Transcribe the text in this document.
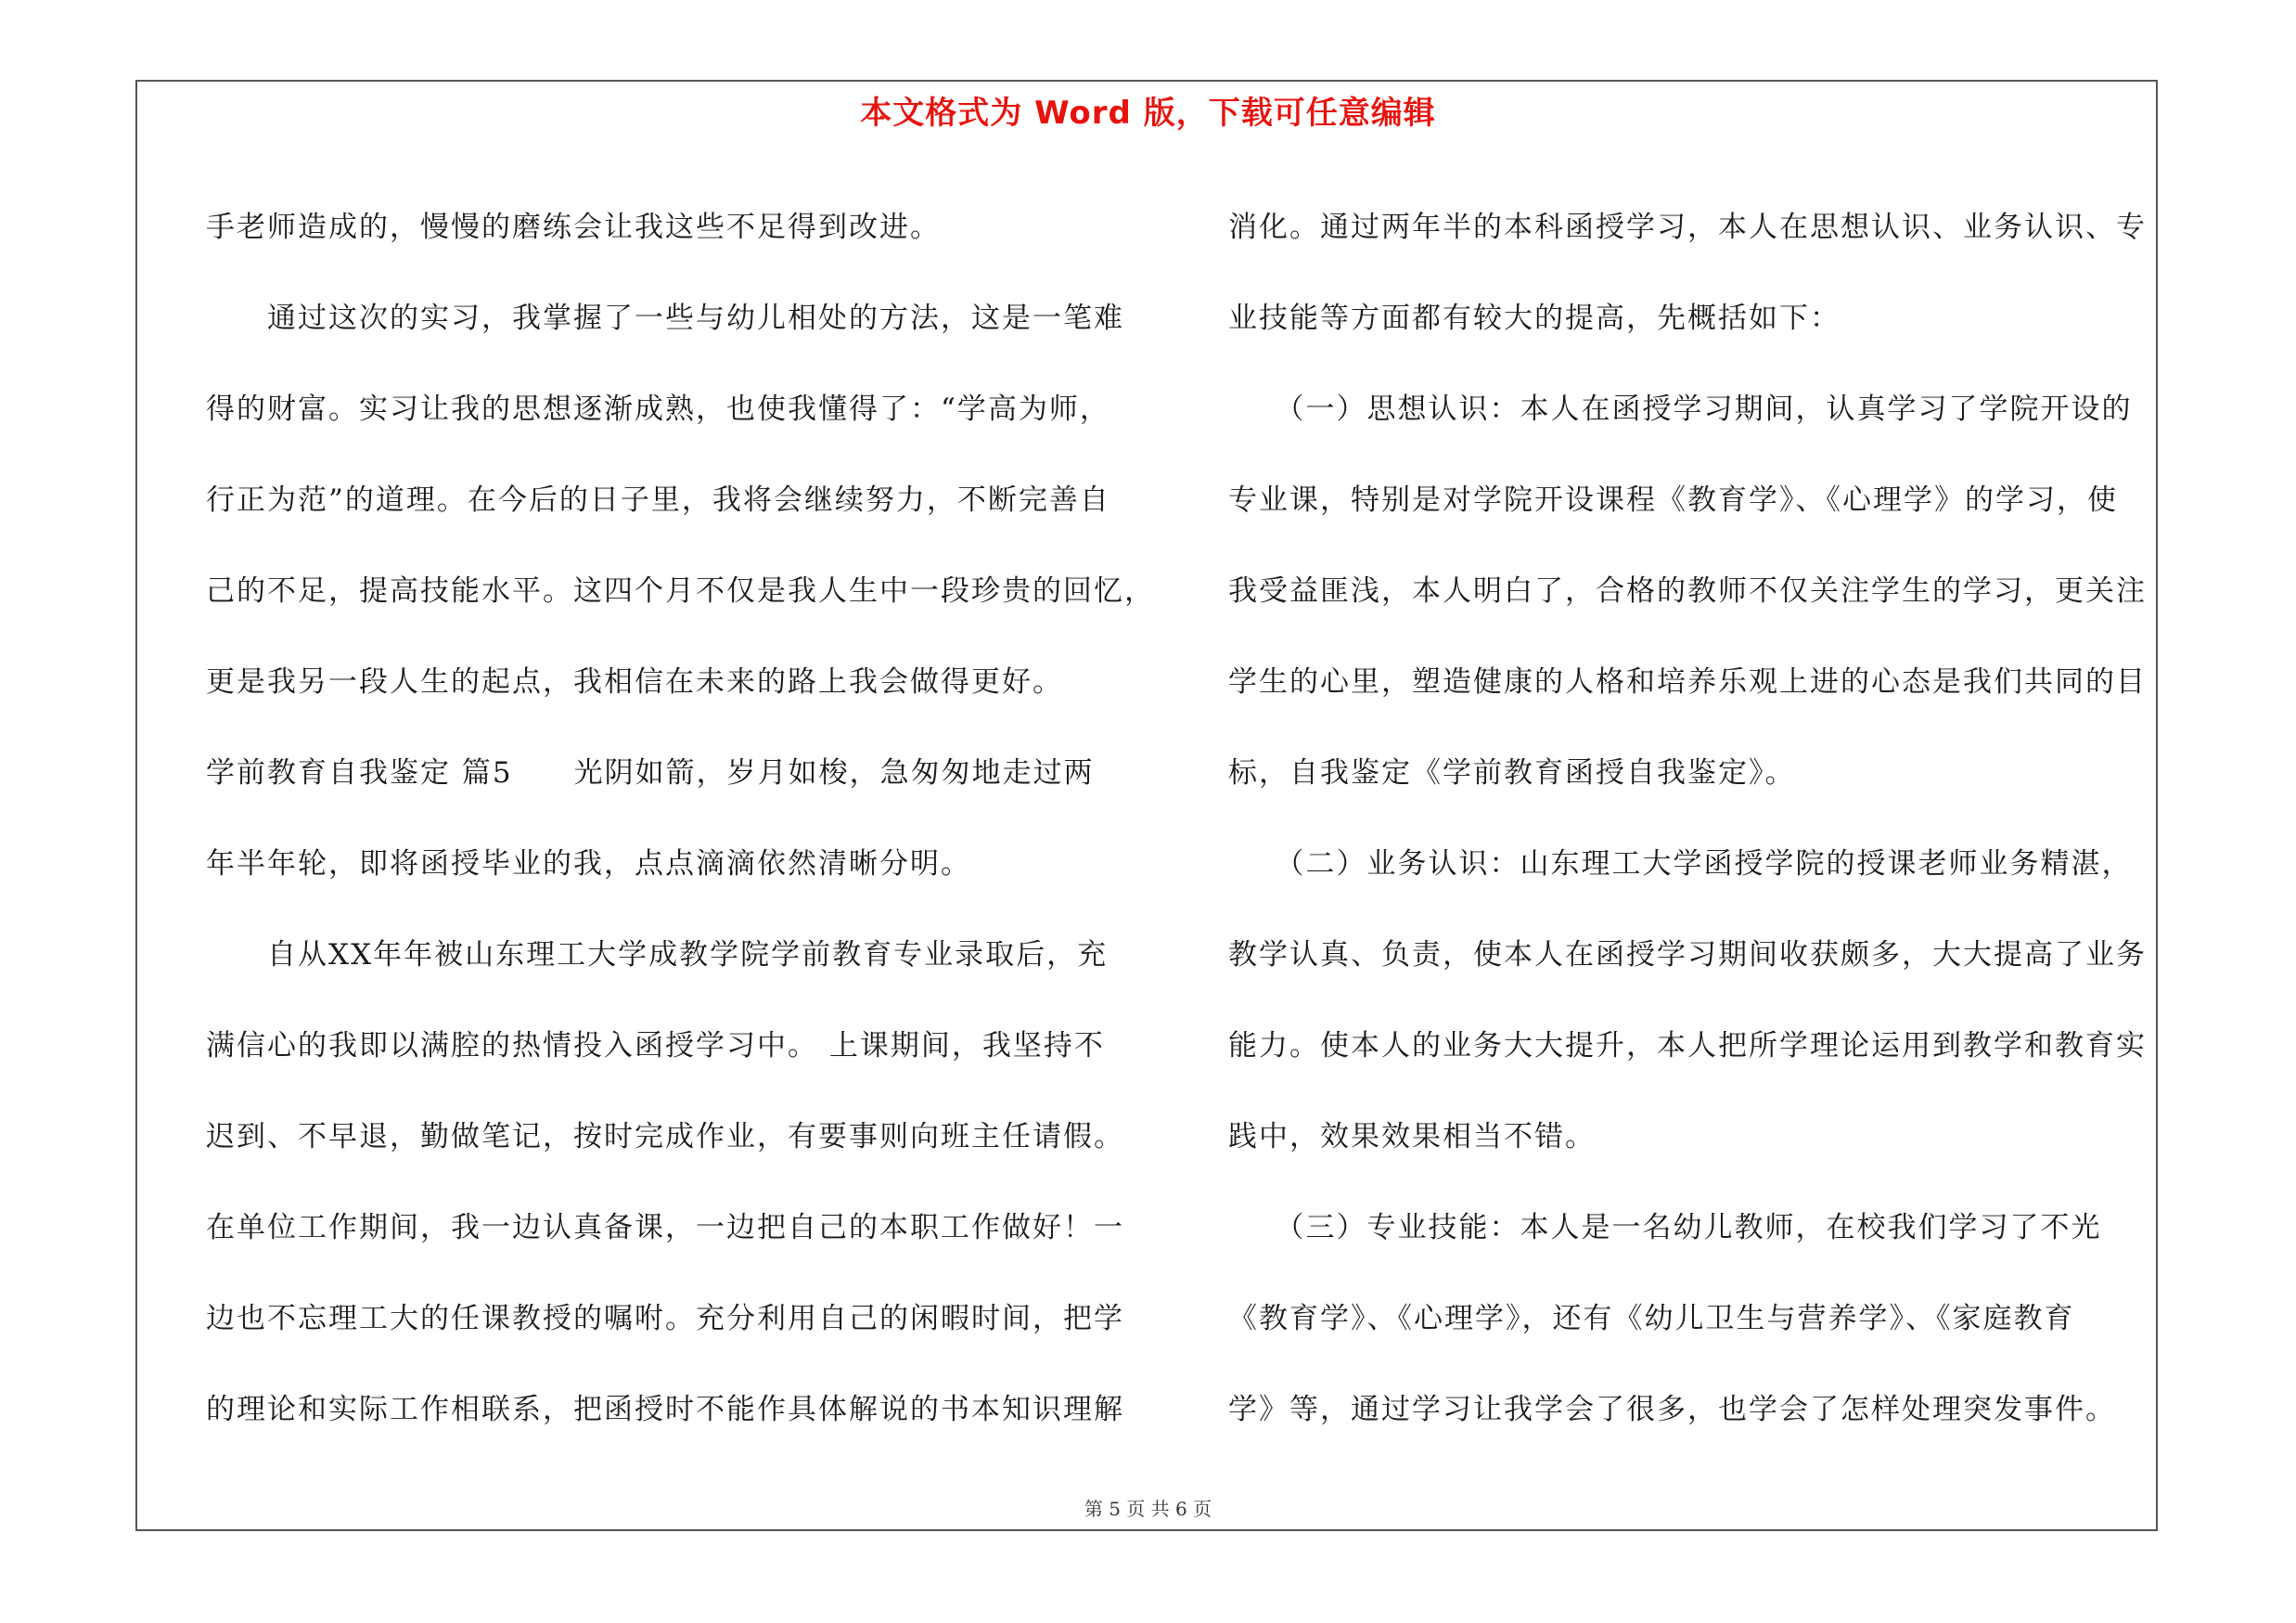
本文格式为 Word 版，下载可任意编辑
手老师造成的，慢慢的磨练会让我这些不足得到改进。
　　通过这次的实习，我掌握了一些与幼儿相处的方法，这是一笔难
得的财富。实习让我的思想逐渐成熟，也使我懂得了：“学高为师，
行正为范”的道理。在今后的日子里，我将会继续努力，不断完善自
己的不足，提高技能水平。这四个月不仅是我人生中一段珍贵的回忆，
更是我另一段人生的起点，我相信在未来的路上我会做得更好。
学前教育自我鉴定 篇5　　光阴如箭，岁月如梭，急匆匆地走过两
年半年轮，即将函授毕业的我，点点滴滴依然清晰分明。
　　自从XX年年被山东理工大学成教学院学前教育专业录取后，充
满信心的我即以满腔的热情投入函授学习中。 上课期间，我坚持不
迟到、不早退，勤做笔记，按时完成作业，有要事则向班主任请假。
在单位工作期间，我一边认真备课，一边把自己的本职工作做好！一
边也不忘理工大的任课教授的嘱咐。充分利用自己的闲暇时间，把学
的理论和实际工作相联系，把函授时不能作具体解说的书本知识理解
消化。通过两年半的本科函授学习，本人在思想认识、业务认识、专
业技能等方面都有较大的提高，先概括如下：
　　（一）思想认识：本人在函授学习期间，认真学习了学院开设的
专业课，特别是对学院开设课程《教育学》、《心理学》的学习，使
我受益匪浅，本人明白了，合格的教师不仅关注学生的学习，更关注
学生的心里，塑造健康的人格和培养乐观上进的心态是我们共同的目
标，自我鉴定《学前教育函授自我鉴定》。
　　（二）业务认识：山东理工大学函授学院的授课老师业务精湛，
教学认真、负责，使本人在函授学习期间收获颇多，大大提高了业务
能力。使本人的业务大大提升，本人把所学理论运用到教学和教育实
践中，效果效果相当不错。
　　（三）专业技能：本人是一名幼儿教师，在校我们学习了不光
《教育学》、《心理学》，还有《幼儿卫生与营养学》、《家庭教育
学》等，通过学习让我学会了很多，也学会了怎样处理突发事件。
第 5 页 共 6 页
